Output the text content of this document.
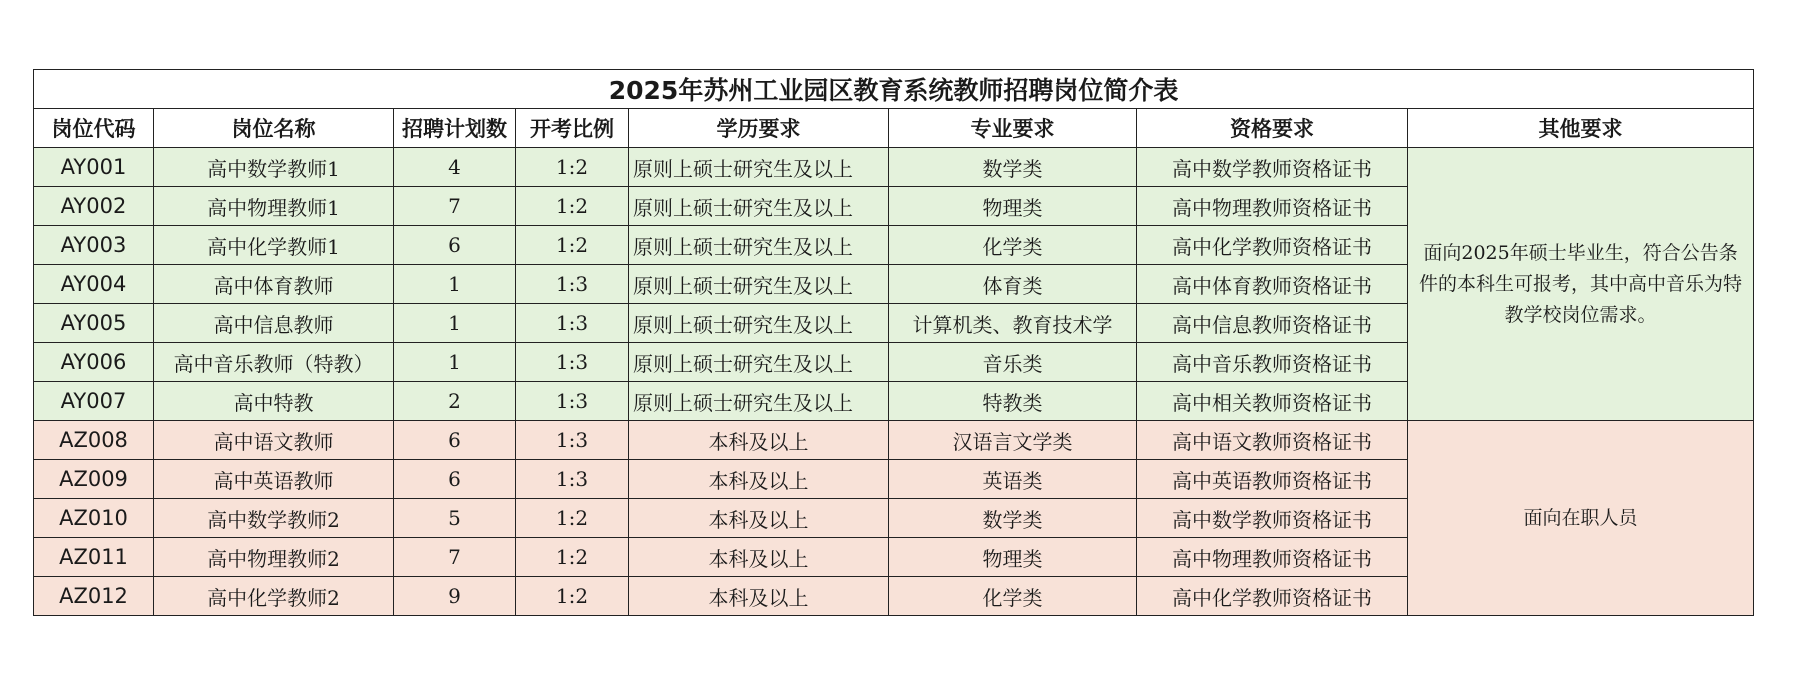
2025年苏州工业园区教育系统教师招聘岗位简介表							
岗位代码	岗位名称	招聘计划数	开考比例	学历要求	专业要求	资格要求	其他要求
AY001	高中数学教师1	4	1:2	原则上硕士研究生及以上	数学类	高中数学教师资格证书	面向2025年硕士毕业生，符合公告条件的本科生可报考，其中高中音乐为特教学校岗位需求。
AY002	高中物理教师1	7	1:2	原则上硕士研究生及以上	物理类	高中物理教师资格证书	
AY003	高中化学教师1	6	1:2	原则上硕士研究生及以上	化学类	高中化学教师资格证书	
AY004	高中体育教师	1	1:3	原则上硕士研究生及以上	体育类	高中体育教师资格证书	
AY005	高中信息教师	1	1:3	原则上硕士研究生及以上	计算机类、教育技术学	高中信息教师资格证书	
AY006	高中音乐教师（特教）	1	1:3	原则上硕士研究生及以上	音乐类	高中音乐教师资格证书	
AY007	高中特教	2	1:3	原则上硕士研究生及以上	特教类	高中相关教师资格证书	
AZ008	高中语文教师	6	1:3	本科及以上	汉语言文学类	高中语文教师资格证书	面向在职人员
AZ009	高中英语教师	6	1:3	本科及以上	英语类	高中英语教师资格证书	
AZ010	高中数学教师2	5	1:2	本科及以上	数学类	高中数学教师资格证书	
AZ011	高中物理教师2	7	1:2	本科及以上	物理类	高中物理教师资格证书	
AZ012	高中化学教师2	9	1:2	本科及以上	化学类	高中化学教师资格证书	
